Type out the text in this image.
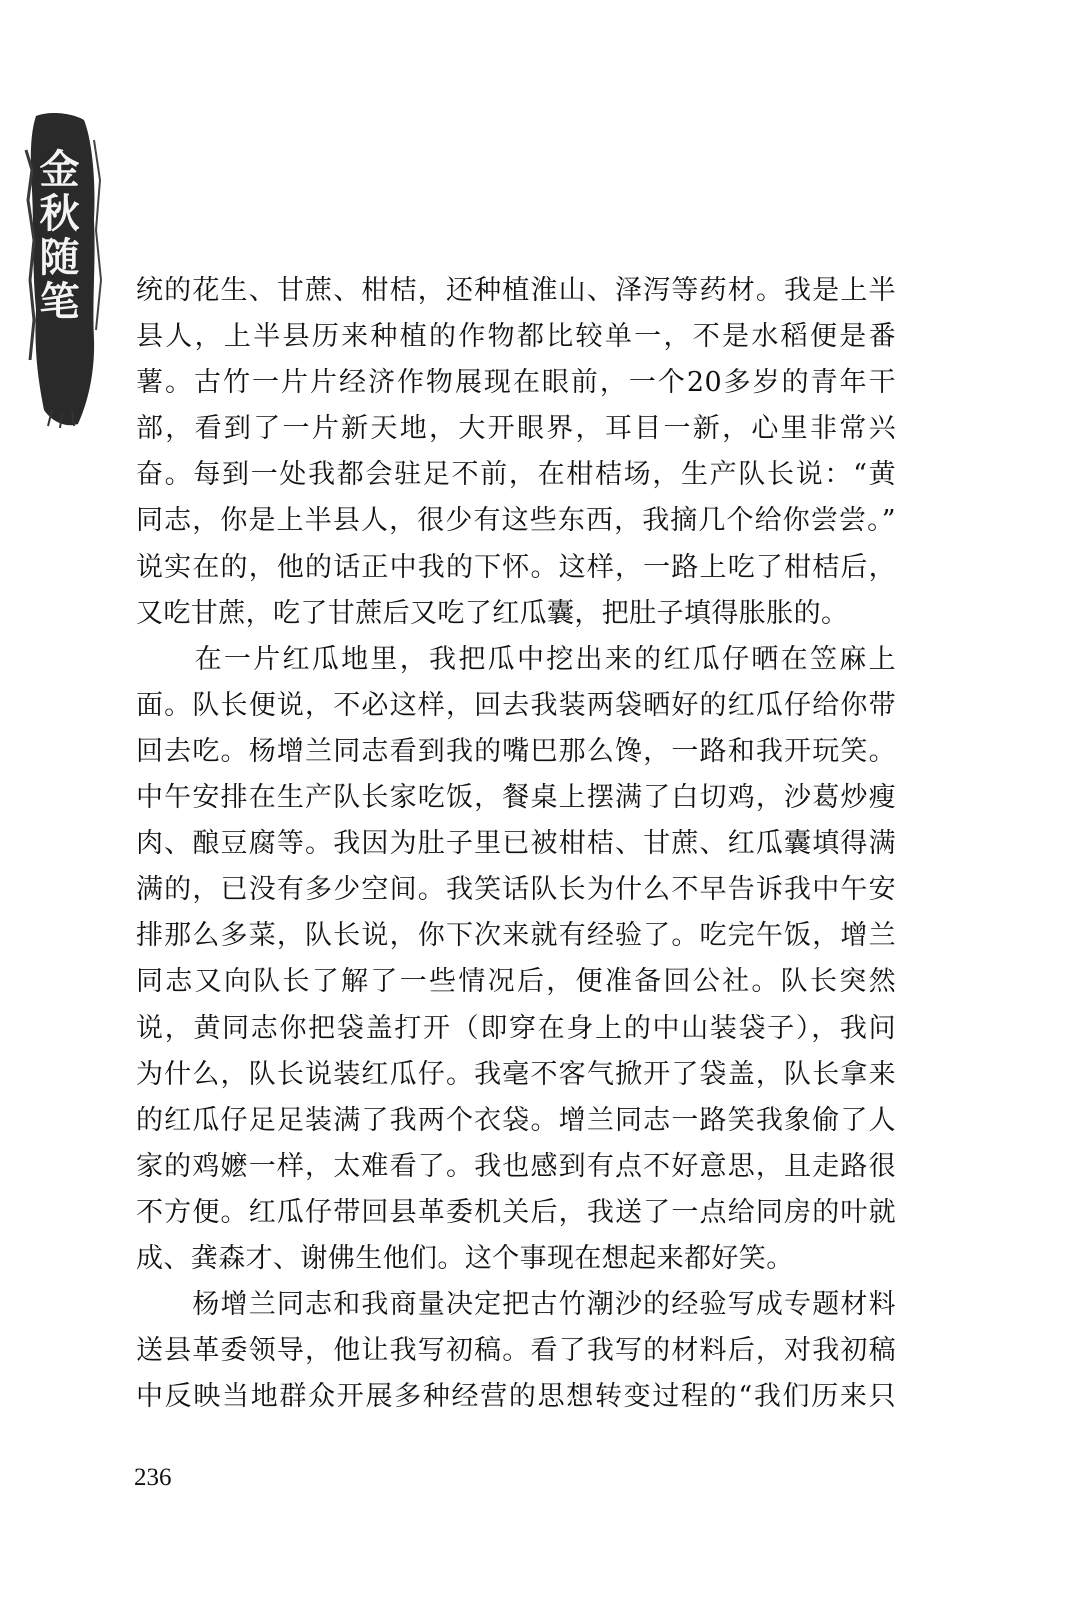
金秋随笔 统的花生、甘蔗、柑桔，还种植淮山、泽泻等药材。我是上半
县人，上半县历来种植的作物都比较单一，不是水稻便是番
薯。古竹一片片经济作物展现在眼前，一个20多岁的青年干
部，看到了一片新天地，大开眼界，耳目一新，心里非常兴
奋。每到一处我都会驻足不前，在柑桔场，生产队长说：“黄
同志，你是上半县人，很少有这些东西，我摘几个给你尝尝。”
说实在的，他的话正中我的下怀。这样，一路上吃了柑桔后，
又吃甘蔗，吃了甘蔗后又吃了红瓜囊，把肚子填得胀胀的。
　　在一片红瓜地里，我把瓜中挖出来的红瓜仔晒在笠麻上
面。队长便说，不必这样，回去我装两袋晒好的红瓜仔给你带
回去吃。杨增兰同志看到我的嘴巴那么馋，一路和我开玩笑。
中午安排在生产队长家吃饭，餐桌上摆满了白切鸡，沙葛炒瘦
肉、酿豆腐等。我因为肚子里已被柑桔、甘蔗、红瓜囊填得满
满的，已没有多少空间。我笑话队长为什么不早告诉我中午安
排那么多菜，队长说，你下次来就有经验了。吃完午饭，增兰
同志又向队长了解了一些情况后，便准备回公社。队长突然
说，黄同志你把袋盖打开（即穿在身上的中山装袋子），我问
为什么，队长说装红瓜仔。我毫不客气掀开了袋盖，队长拿来
的红瓜仔足足装满了我两个衣袋。增兰同志一路笑我象偷了人
家的鸡嬷一样，太难看了。我也感到有点不好意思，且走路很
不方便。红瓜仔带回县革委机关后，我送了一点给同房的叶就
成、龚森才、谢佛生他们。这个事现在想起来都好笑。
　　杨增兰同志和我商量决定把古竹潮沙的经验写成专题材料
送县革委领导，他让我写初稿。看了我写的材料后，对我初稿
中反映当地群众开展多种经营的思想转变过程的“我们历来只
236
